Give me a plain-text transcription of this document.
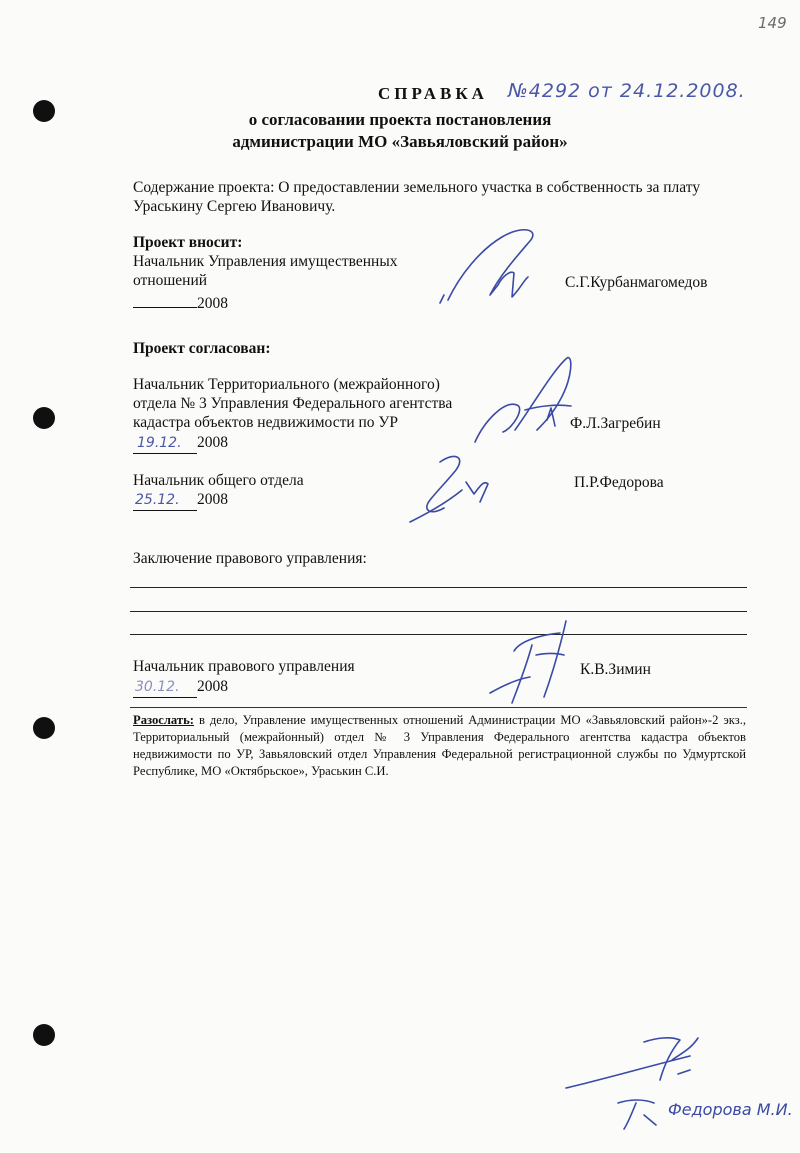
149
СПРАВКА №4292 от 24.12.2008.
о согласовании проекта постановления
администрации МО «Завьяловский район»
Содержание проекта: О предоставлении земельного участка в собственность за плату
Ураськину Сергею Ивановичу.
Проект вносит:
Начальник Управления имущественных
отношений
2008
С.Г.Курбанмагомедов
Проект согласован:
Начальник Территориального (межрайонного)
отдела № 3 Управления Федерального агентства
кадастра объектов недвижимости по УР
19.12. 2008
Ф.Л.Загребин
Начальник общего отдела
25.12. 2008
П.Р.Федорова
Заключение правового управления:
Начальник правового управления
30.12. 2008
К.В.Зимин
Разослать: в дело, Управление имущественных отношений Администрации МО «Завьяловский район»-2 экз., Территориальный (межрайонный) отдел № 3 Управления Федерального агентства кадастра объектов недвижимости по УР, Завьяловский отдел Управления Федеральной регистрационной службы по Удмуртской Республике, МО «Октябрьское», Ураськин С.И.
Федорова М.И.
